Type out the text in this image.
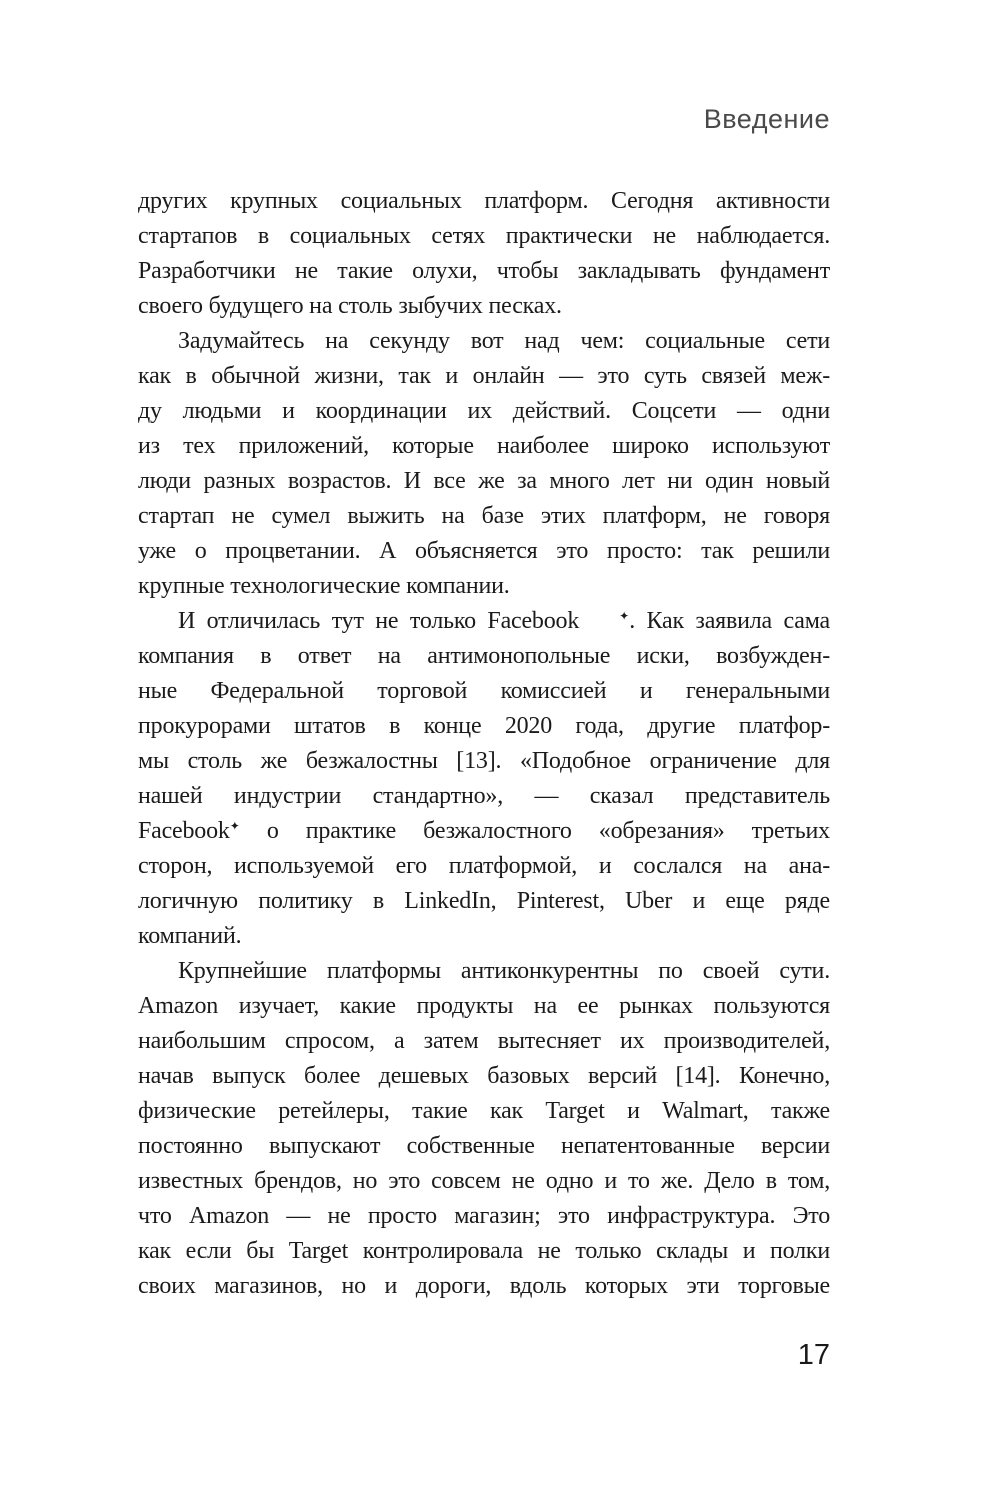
Введение
других крупных социальных платформ. Сегодня активности
стартапов в социальных сетях практически не наблюдается.
Разработчики не такие олухи, чтобы закладывать фундамент
своего будущего на столь зыбучих песках.
Задумайтесь на секунду вот над чем: социальные сети
как в обычной жизни, так и онлайн — это суть связей меж-
ду людьми и координации их действий. Соцсети — одни
из тех приложений, которые наиболее широко используют
люди разных возрастов. И все же за много лет ни один новый
стартап не сумел выжить на базе этих платформ, не говоря
уже о процветании. А объясняется это просто: так решили
крупные технологические компании.
И отличилась тут не только Facebook	✦. Как заявила сама
компания в ответ на антимонопольные иски, возбужден-
ные Федеральной торговой комиссией и генеральными
прокурорами штатов в конце 2020 года, другие платфор-
мы столь же безжалостны [13]. «Подобное ограничение для
нашей индустрии стандартно», — сказал представитель
Facebook✦ о практике безжалостного «обрезания» третьих
сторон, используемой его платформой, и сослался на ана-
логичную политику в LinkedIn, Pinterest, Uber и еще ряде
компаний.
Крупнейшие платформы антиконкурентны по своей сути.
Amazon изучает, какие продукты на ее рынках пользуются
наибольшим спросом, а затем вытесняет их производителей,
начав выпуск более дешевых базовых версий [14]. Конечно,
физические ретейлеры, такие как Target и Walmart, также
постоянно выпускают собственные непатентованные версии
известных брендов, но это совсем не одно и то же. Дело в том,
что Amazon — не просто магазин; это инфраструктура. Это
как если бы Target контролировала не только склады и полки
своих магазинов, но и дороги, вдоль которых эти торговые
17
